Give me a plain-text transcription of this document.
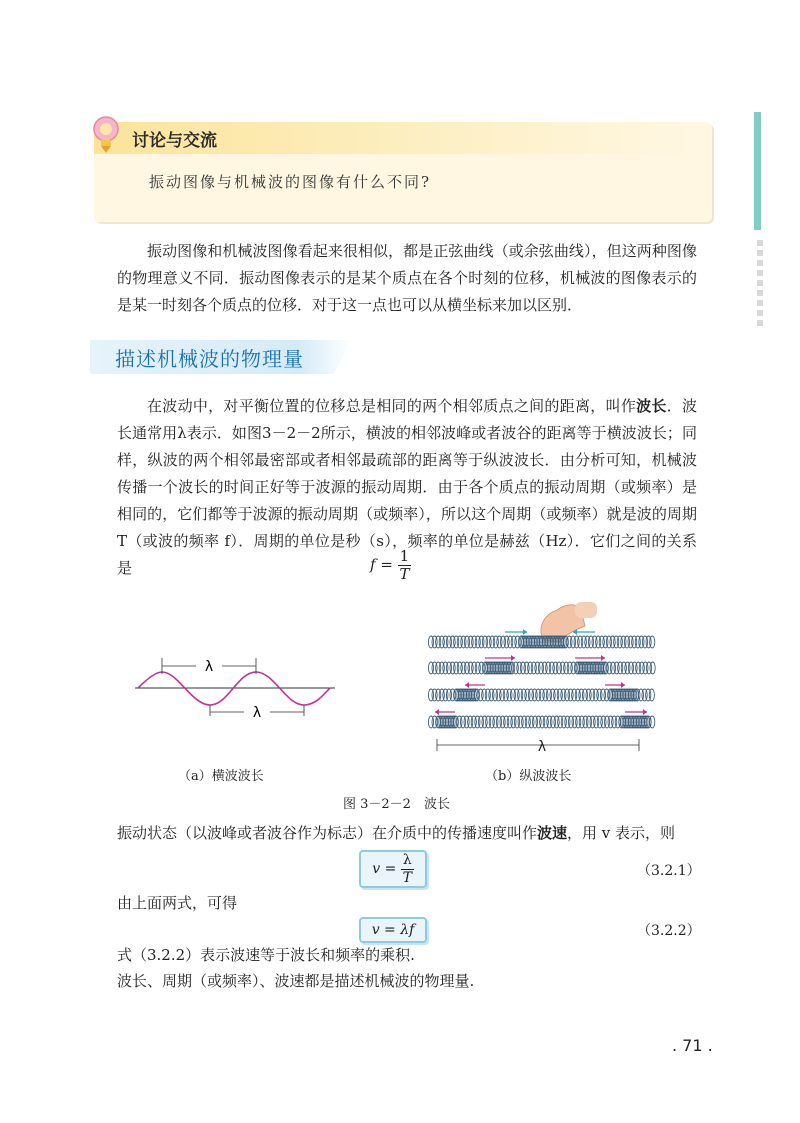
讨论与交流
振动图像与机械波的图像有什么不同?

振动图像和机械波图像看起来很相似，都是正弦曲线（或余弦曲线），但这两种图像的物理意义不同．振动图像表示的是某个质点在各个时刻的位移，机械波的图像表示的是某一时刻各个质点的位移．对于这一点也可以从横坐标来加以区别．

描述机械波的物理量

在波动中，对平衡位置的位移总是相同的两个相邻质点之间的距离，叫作波长．波长通常用λ表示．如图3－2－2所示，横波的相邻波峰或者波谷的距离等于横波波长；同样，纵波的两个相邻最密部或者相邻最疏部的距离等于纵波波长．由分析可知，机械波传播一个波长的时间正好等于波源的振动周期．由于各个质点的振动周期（或频率）是相同的，它们都等于波源的振动周期（或频率），所以这个周期（或频率）就是波的周期 T（或波的频率 f）．周期的单位是秒（s），频率的单位是赫兹（Hz）．它们之间的关系是	$f = \frac{1}{T}$
λ
λ
λ
（a）横波波长	（b）纵波波长
图 3－2－2　波长
振动状态（以波峰或者波谷作为标志）在介质中的传播速度叫作波速，用 v 表示，则
v =
$\frac{\lambda}{T}$	（3.2.1）
由上面两式，可得
v = λf	（3.2.2）
式（3.2.2）表示波速等于波长和频率的乘积.
波长、周期（或频率）、波速都是描述机械波的物理量.
. 71 .
